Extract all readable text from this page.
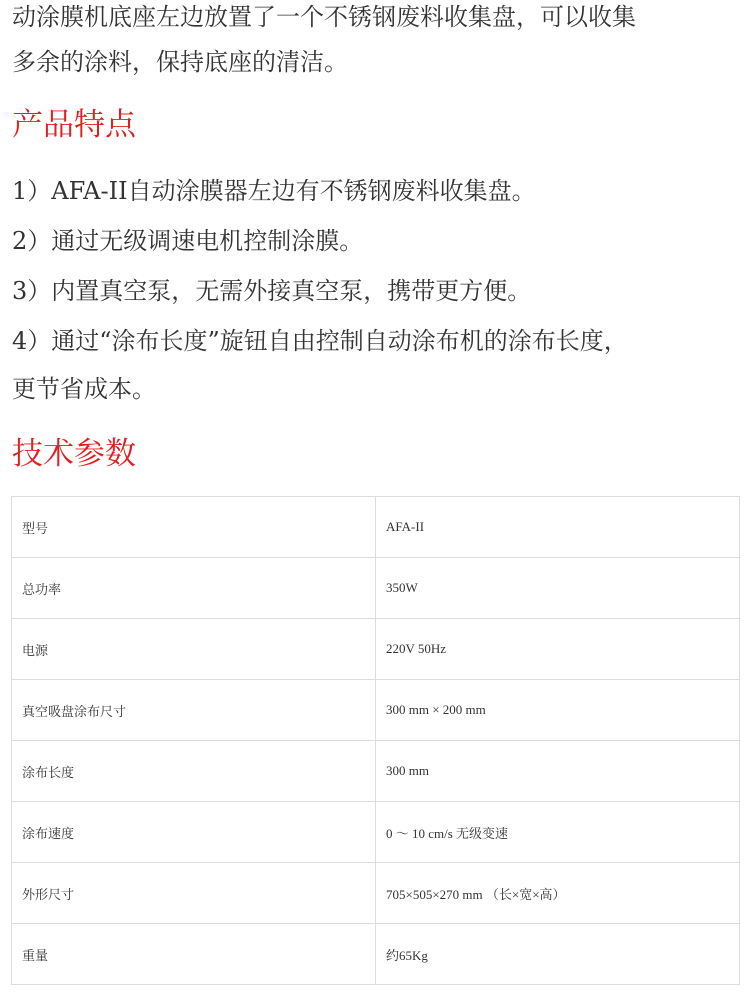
动涂膜机底座左边放置了一个不锈钢废料收集盘，可以收集

多余的涂料，保持底座的清洁。

产品特点

1）AFA-II自动涂膜器左边有不锈钢废料收集盘。

2）通过无级调速电机控制涂膜。

3）内置真空泵，无需外接真空泵，携带更方便。

4）通过“涂布长度”旋钮自由控制自动涂布机的涂布长度，

更节省成本。

技术参数
型号	AFA-II
总功率	350W
电源	220V 50Hz
真空吸盘涂布尺寸	300 mm × 200 mm
涂布长度	300 mm
涂布速度	0 ～ 10 cm/s 无级变速
外形尺寸	705×505×270 mm （长×宽×高）
重量	约65Kg
